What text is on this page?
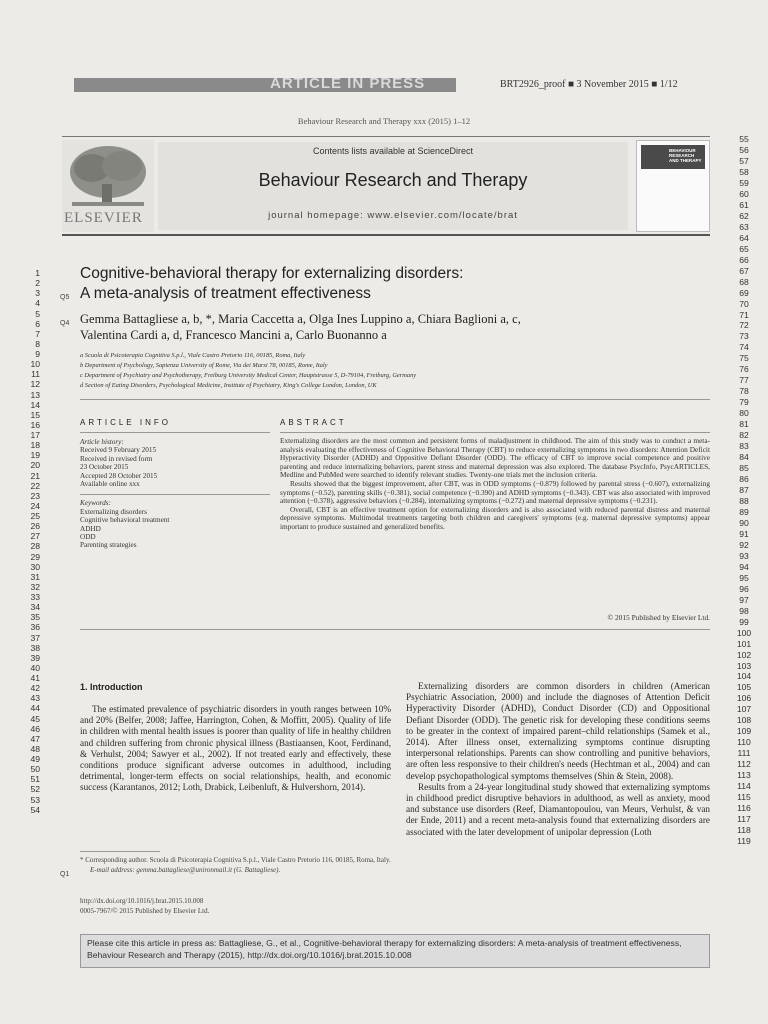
ARTICLE IN PRESS	BRT2926_proof ■ 3 November 2015 ■ 1/12
Behaviour Research and Therapy xxx (2015) 1–12
ELSEVIER
Contents lists available at ScienceDirect
Behaviour Research and Therapy
journal homepage: www.elsevier.com/locate/brat
BEHAVIOUR RESEARCH AND THERAPY
1
2
3
4
5
6
7
8
9
10
11
12
13
14
15
16
17
18
19
20
21
22
23
24
25
26
27
28
29
30
31
32
33
34
35
36
37
38
39
40
41
42
43
44
45
46
47
48
49
50
51
52
53
54
55
56
57
58
59
60
61
62
63
64
65
66
67
68
69
70
71
72
73
74
75
76
77
78
79
80
81
82
83
84
85
86
87
88
89
90
91
92
93
94
95
96
97
98
99
100
101
102
103
104
105
106
107
108
109
110
111
112
113
114
115
116
117
118
119
Q5
Q4
Q1
Cognitive-behavioral therapy for externalizing disorders:
A meta-analysis of treatment effectiveness
Gemma Battagliese a, b, *, Maria Caccetta a, Olga Ines Luppino a, Chiara Baglioni a, c,
Valentina Cardi a, d, Francesco Mancini a, Carlo Buonanno a
a Scuola di Psicoterapia Cognitiva S.p.l., Viale Castro Pretorio 116, 00185, Roma, Italy
b Department of Psychology, Sapienza University of Rome, Via dei Marsi 78, 00185, Rome, Italy
c Department of Psychiatry and Psychotherapy, Freiburg University Medical Center, Hauptstrasse 5, D-79104, Freiburg, Germany
d Section of Eating Disorders, Psychological Medicine, Institute of Psychiatry, King's College London, London, UK
ARTICLE INFO
Article history:
Received 9 February 2015
Received in revised form
23 October 2015
Accepted 28 October 2015
Available online xxx
Keywords:
Externalizing disorders
Cognitive behavioral treatment
ADHD
ODD
Parenting strategies
ABSTRACT

Externalizing disorders are the most common and persistent forms of maladjustment in childhood. The aim of this study was to conduct a meta-analysis evaluating the effectiveness of Cognitive Behavioral Therapy (CBT) to reduce externalizing symptoms in two disorders: Attention Deficit Hyperactivity Disorder (ADHD) and Oppositive Defiant Disorder (ODD). The efficacy of CBT to improve social competence and positive parenting and reduce internalizing behaviors, parent stress and maternal depression was also explored. The database PsycInfo, PsycARTICLES, Medline and PubMed were searched to identify relevant studies. Twenty-one trials met the inclusion criteria.

Results showed that the biggest improvement, after CBT, was in ODD symptoms (−0.879) followed by parental stress (−0.607), externalizing symptoms (−0.52), parenting skills (−0.381), social competence (−0.390) and ADHD symptoms (−0.343). CBT was also associated with improved attention (−0.378), aggressive behaviors (−0.284), internalizing symptoms (−0.272) and maternal depressive symptoms (−0.231).

Overall, CBT is an effective treatment option for externalizing disorders and is also associated with reduced parental distress and maternal depressive symptoms. Multimodal treatments targeting both children and caregivers' symptoms (e.g. maternal depressive symptoms) appear important to produce sustained and generalized benefits.

© 2015 Published by Elsevier Ltd.
1. Introduction

The estimated prevalence of psychiatric disorders in youth ranges between 10% and 20% (Belfer, 2008; Jaffee, Harrington, Cohen, & Moffitt, 2005). Quality of life in children with mental health issues is poorer than quality of life in healthy children and children suffering from chronic physical illness (Bastiaansen, Koot, Ferdinand, & Verhulst, 2004; Sawyer et al., 2002). If not treated early and effectively, these conditions produce significant adverse outcomes in adulthood, including detrimental, longer-term effects on social relationships, health, and economic success (Karantanos, 2012; Loth, Drabick, Leibenluft, & Hulvershorn, 2014).

Externalizing disorders are common disorders in children (American Psychiatric Association, 2000) and include the diagnoses of Attention Deficit Hyperactivity Disorder (ADHD), Conduct Disorder (CD) and Oppositional Defiant Disorder (ODD). The genetic risk for developing these conditions seems to be greater in the context of impaired parent–child relationships (Samek et al., 2014). After illness onset, externalizing symptoms continue disrupting interpersonal relationships. Parents can show controlling and punitive behaviors, are often less responsive to their children's needs (Hechtman et al., 2004) and can develop psychopathological symptoms themselves (Shin & Stein, 2008).

Results from a 24-year longitudinal study showed that externalizing symptoms in childhood predict disruptive behaviors in adulthood, as well as anxiety, mood and substance use disorders (Reef, Diamantopoulou, van Meurs, Verhulst, & van der Ende, 2011) and a recent meta-analysis found that externalizing disorders are associated with the later development of unipolar depression (Loth

* Corresponding author. Scuola di Psicoterapia Cognitiva S.p.l., Viale Castro Pretorio 116, 00185, Roma, Italy.
E-mail address: gemma.battagliese@unironmail.it (G. Battagliese).
http://dx.doi.org/10.1016/j.brat.2015.10.008
0005-7967/© 2015 Published by Elsevier Ltd.
Please cite this article in press as: Battagliese, G., et al., Cognitive-behavioral therapy for externalizing disorders: A meta-analysis of treatment effectiveness, Behaviour Research and Therapy (2015), http://dx.doi.org/10.1016/j.brat.2015.10.008
